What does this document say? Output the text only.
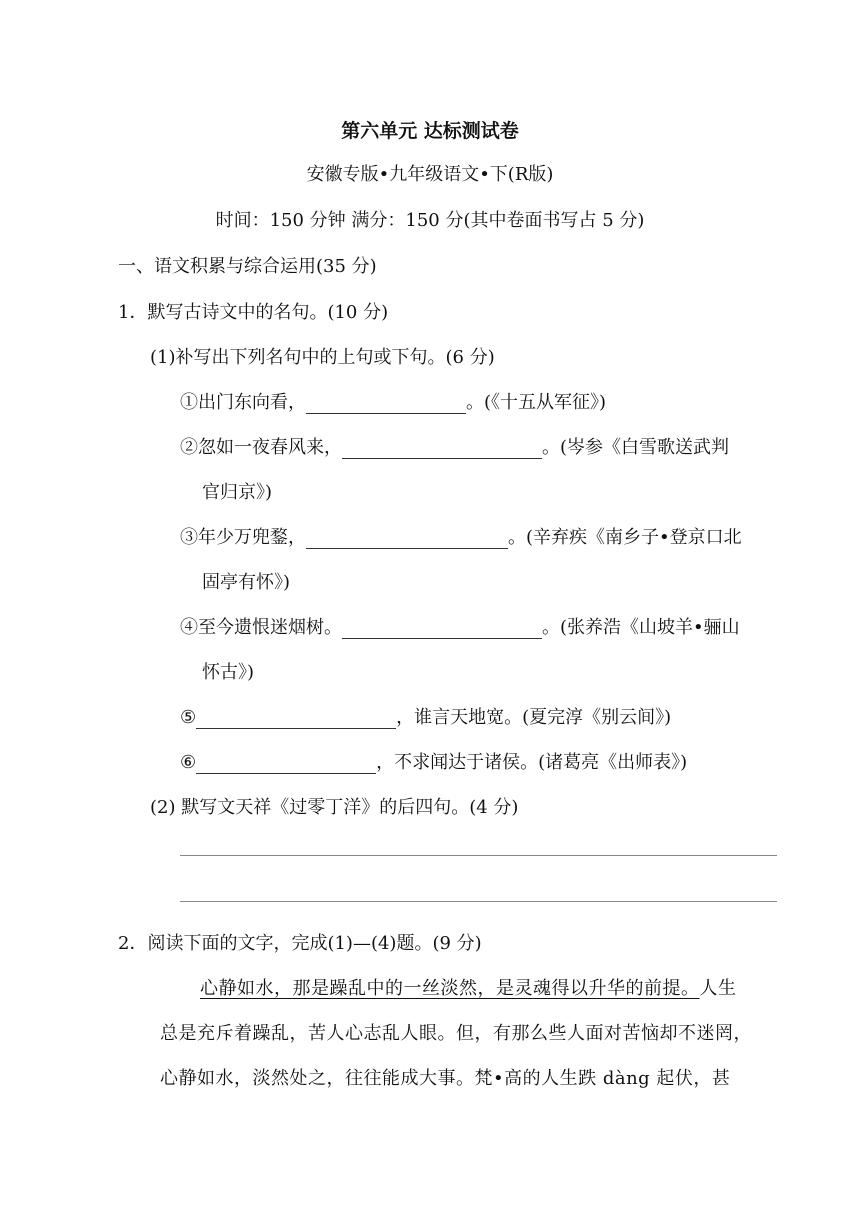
第六单元 达标测试卷
安徽专版•九年级语文•下(R版)
时间：150 分钟 满分：150 分(其中卷面书写占 5 分)
一、语文积累与综合运用(35 分)
1．默写古诗文中的名句。(10 分)
(1)补写出下列名句中的上句或下句。(6 分)
①出门东向看，	。(《十五从军征》)
②忽如一夜春风来，	。(岑参《白雪歌送武判
官归京》)
③年少万兜鍪，	。(辛弃疾《南乡子•登京口北
固亭有怀》)
④至今遗恨迷烟树。	。(张养浩《山坡羊•骊山
怀古》)
⑤	，谁言天地宽。(夏完淳《别云间》)
⑥	，不求闻达于诸侯。(诸葛亮《出师表》)
(2) 默写文天祥《过零丁洋》的后四句。(4 分)
2．阅读下面的文字，完成(1)—(4)题。(9 分)
心静如水，那是躁乱中的一丝淡然，是灵魂得以升华的前提。人生
总是充斥着躁乱，苦人心志乱人眼。但，有那么些人面对苦恼却不迷罔，
心静如水，淡然处之，往往能成大事。梵•高的人生跌 dàng 起伏，甚
